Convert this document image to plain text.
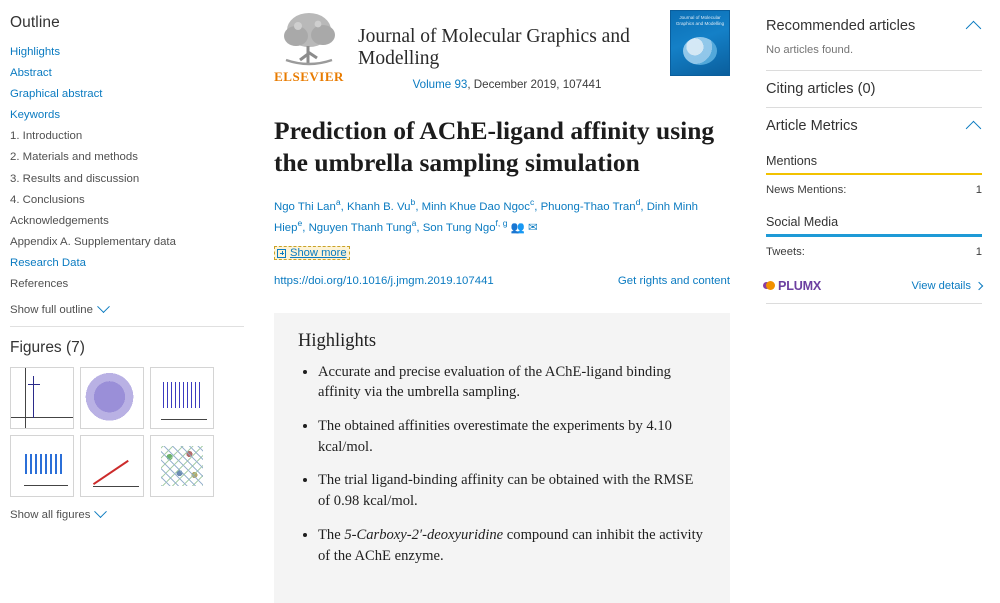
Outline
Highlights
Abstract
Graphical abstract
Keywords
1. Introduction
2. Materials and methods
3. Results and discussion
4. Conclusions
Acknowledgements
Appendix A. Supplementary data
Research Data
References
Show full outline
Figures (7)
Show all figures
ELSEVIER
Journal of Molecular Graphics and Modelling
Volume 93, December 2019, 107441
Journal of Molecular Graphics and Modelling
Prediction of AChE-ligand affinity using the umbrella sampling simulation
Ngo Thi Lan$^a$, Khanh B. Vu$^b$, Minh Khue Dao Ngoc$^c$, Phuong-Thao Tran$^d$, Dinh Minh Hiep$^e$, Nguyen Thanh Tung$^a$, Son Tung Ngo$^{f, g}$ 👥 ✉
Show more
https://doi.org/10.1016/j.jmgm.2019.107441	Get rights and content
Highlights
• Accurate and precise evaluation of the AChE-ligand binding affinity via the umbrella sampling.
• The obtained affinities overestimate the experiments by 4.10 kcal/mol.
• The trial ligand-binding affinity can be obtained with the RMSE of 0.98 kcal/mol.
• The 5-Carboxy-2′-deoxyuridine compound can inhibit the activity of the AChE enzyme.
Recommended articles
No articles found.
Citing articles (0)
Article Metrics
Mentions
News Mentions:	1
Social Media
Tweets:	1
PLUMX	View details
